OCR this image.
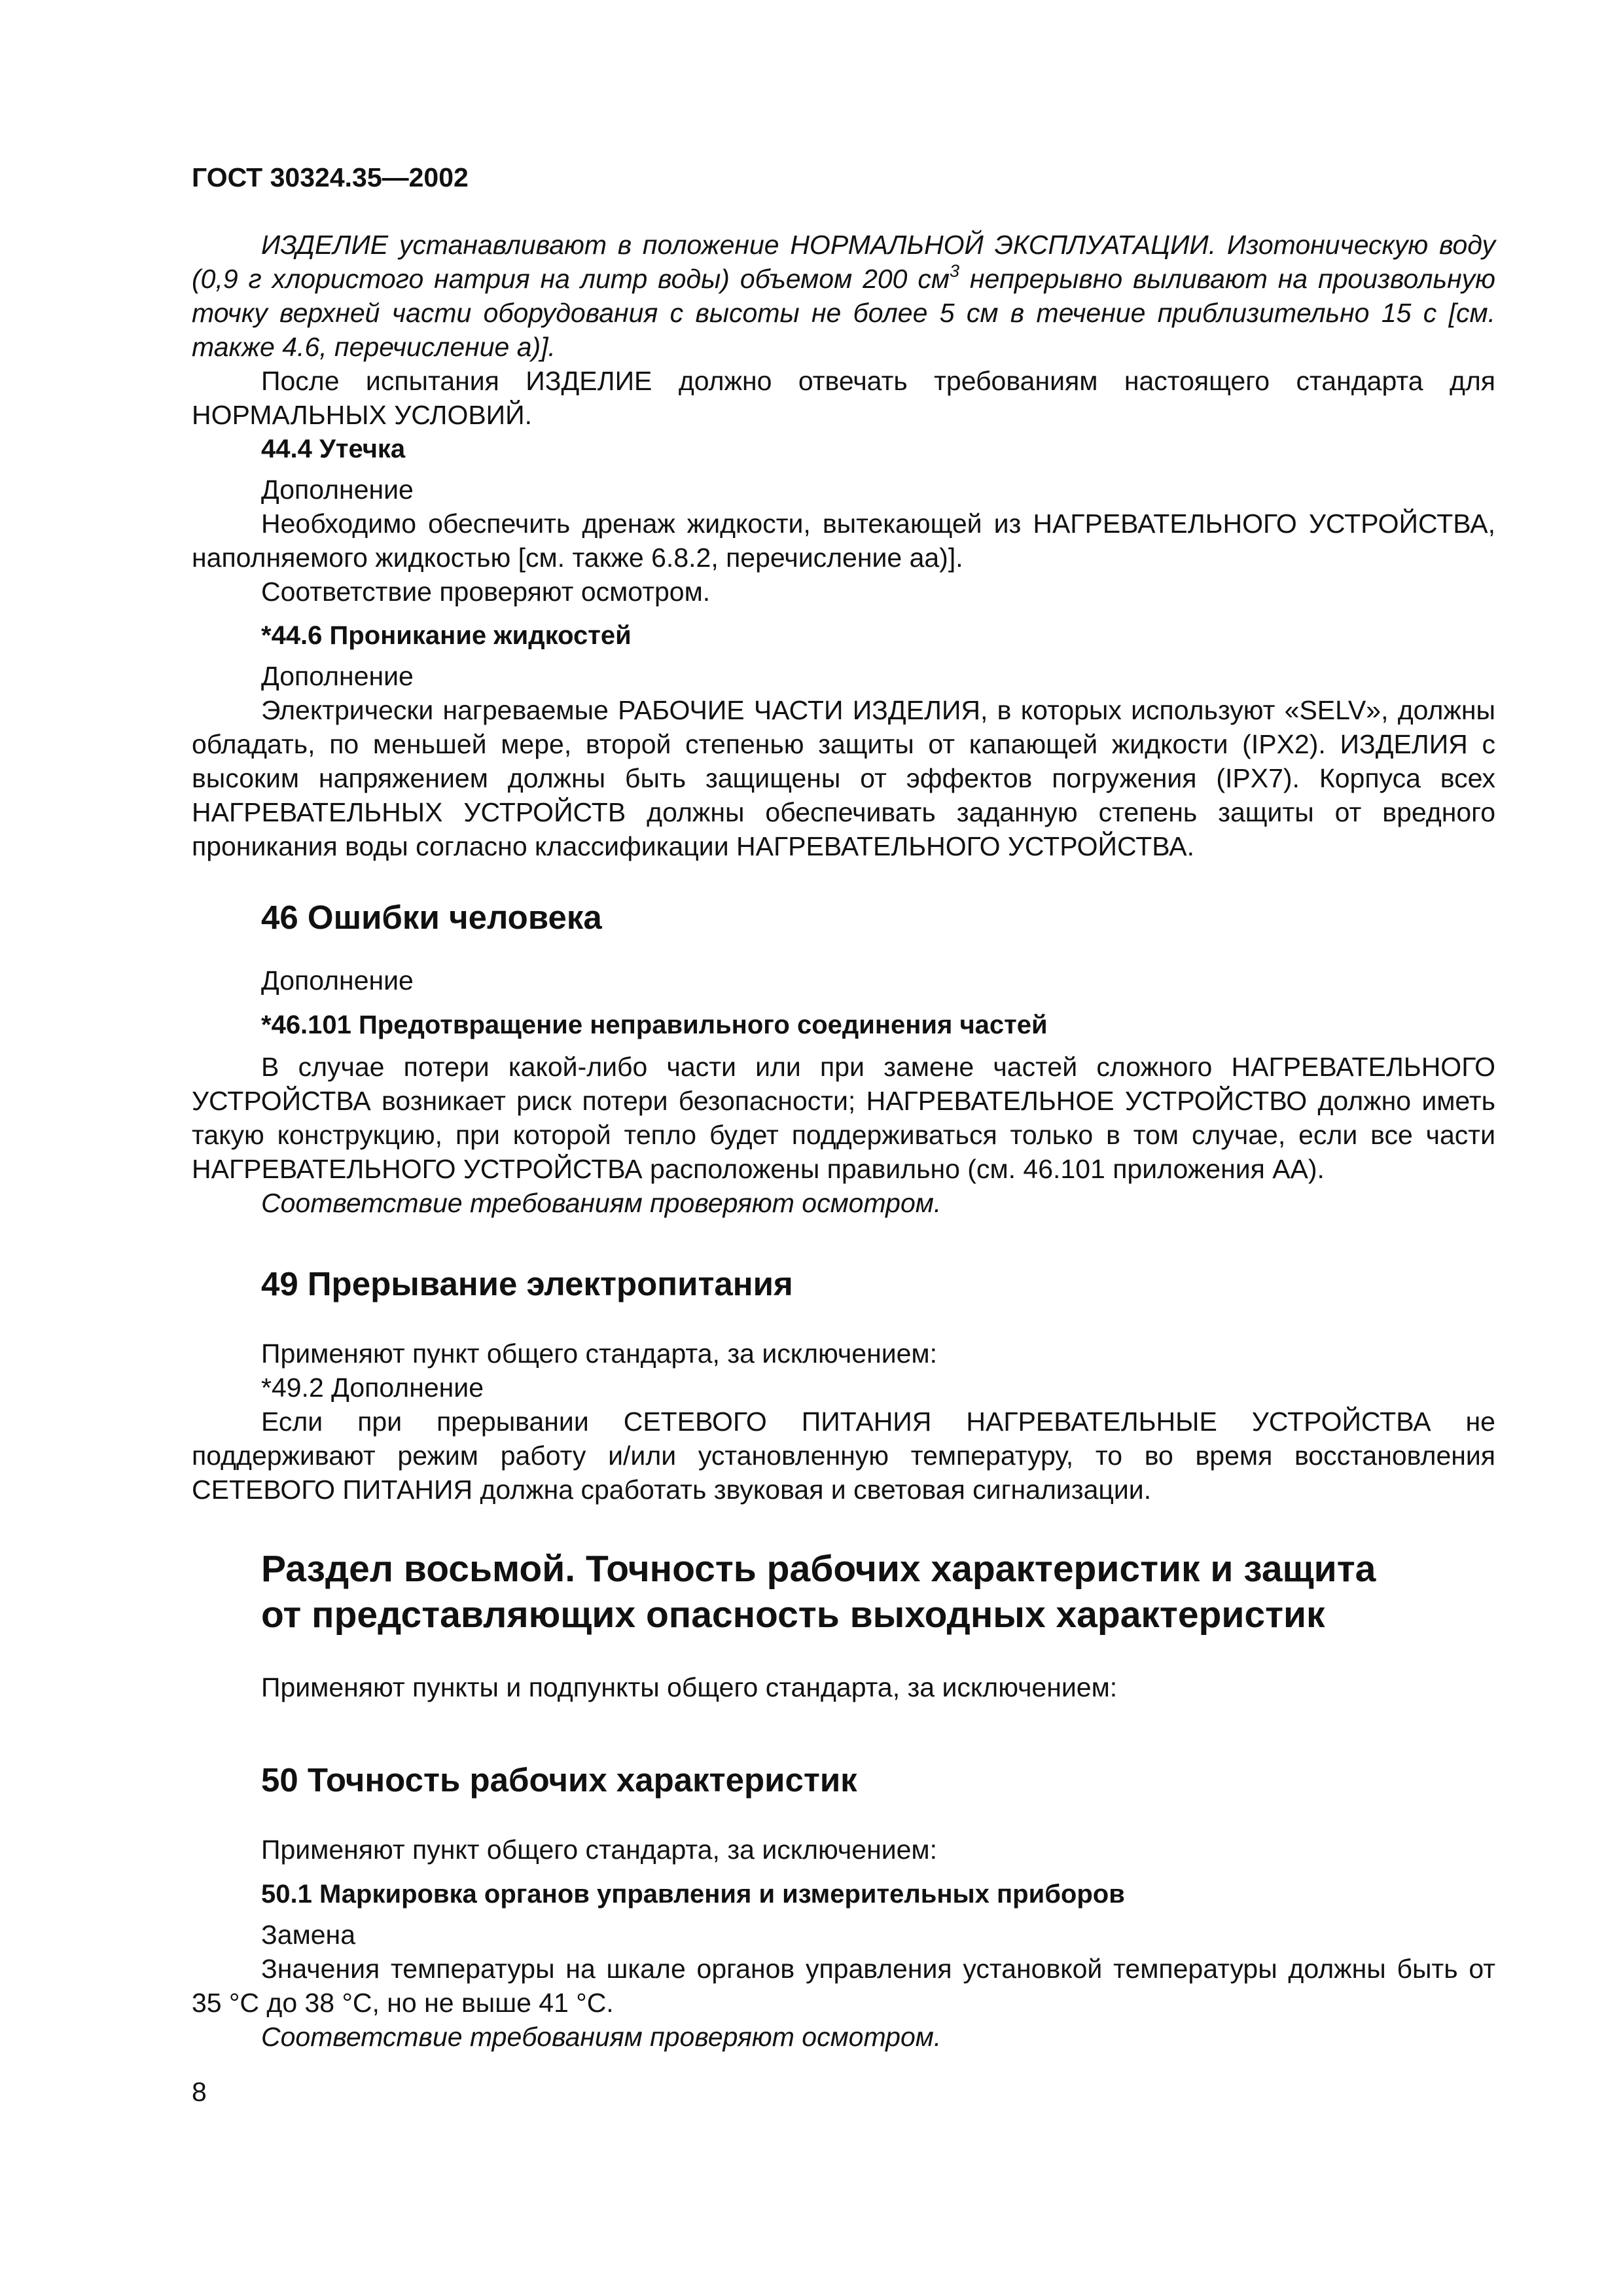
ГОСТ 30324.35—2002

ИЗДЕЛИЕ устанавливают в положение НОРМАЛЬНОЙ ЭКСПЛУАТАЦИИ. Изотоническую воду (0,9 г хлористого натрия на литр воды) объемом 200 $см^3$ непрерывно выливают на произвольную точку верхней части оборудования с высоты не более 5 см в течение приблизительно 15 с [см. также 4.6, перечисление а)].

После испытания ИЗДЕЛИЕ должно отвечать требованиям настоящего стандарта для НОРМАЛЬНЫХ УСЛОВИЙ.

44.4 Утечка

Дополнение

Необходимо обеспечить дренаж жидкости, вытекающей из НАГРЕВАТЕЛЬНОГО УСТРОЙСТВА, наполняемого жидкостью [см. также 6.8.2, перечисление аа)].

Соответствие проверяют осмотром.

*44.6 Проникание жидкостей

Дополнение

Электрически нагреваемые РАБОЧИЕ ЧАСТИ ИЗДЕЛИЯ, в которых используют «SELV», должны обладать, по меньшей мере, второй степенью защиты от капающей жидкости (IPX2). ИЗДЕЛИЯ с высоким напряжением должны быть защищены от эффектов погружения (IPX7). Корпуса всех НАГРЕВАТЕЛЬНЫХ УСТРОЙСТВ должны обеспечивать заданную степень защиты от вредного проникания воды согласно классификации НАГРЕВАТЕЛЬНОГО УСТРОЙСТВА.

46 Ошибки человека

Дополнение

*46.101 Предотвращение неправильного соединения частей

В случае потери какой-либо части или при замене частей сложного НАГРЕВАТЕЛЬНОГО УСТРОЙСТВА возникает риск потери безопасности; НАГРЕВАТЕЛЬНОЕ УСТРОЙСТВО должно иметь такую конструкцию, при которой тепло будет поддерживаться только в том случае, если все части НАГРЕВАТЕЛЬНОГО УСТРОЙСТВА расположены правильно (см. 46.101 приложения АА).

Соответствие требованиям проверяют осмотром.

49 Прерывание электропитания

Применяют пункт общего стандарта, за исключением:

*49.2 Дополнение

Если при прерывании СЕТЕВОГО ПИТАНИЯ НАГРЕВАТЕЛЬНЫЕ УСТРОЙСТВА не поддерживают режим работу и/или установленную температуру, то во время восстановления СЕТЕВОГО ПИТАНИЯ должна сработать звуковая и световая сигнализации.

Раздел восьмой. Точность рабочих характеристик и защита

от представляющих опасность выходных характеристик

Применяют пункты и подпункты общего стандарта, за исключением:

50 Точность рабочих характеристик

Применяют пункт общего стандарта, за исключением:

50.1 Маркировка органов управления и измерительных приборов

Замена

Значения температуры на шкале органов управления установкой температуры должны быть от 35 °С до 38 °С, но не выше 41 °С.

Соответствие требованиям проверяют осмотром.

8
